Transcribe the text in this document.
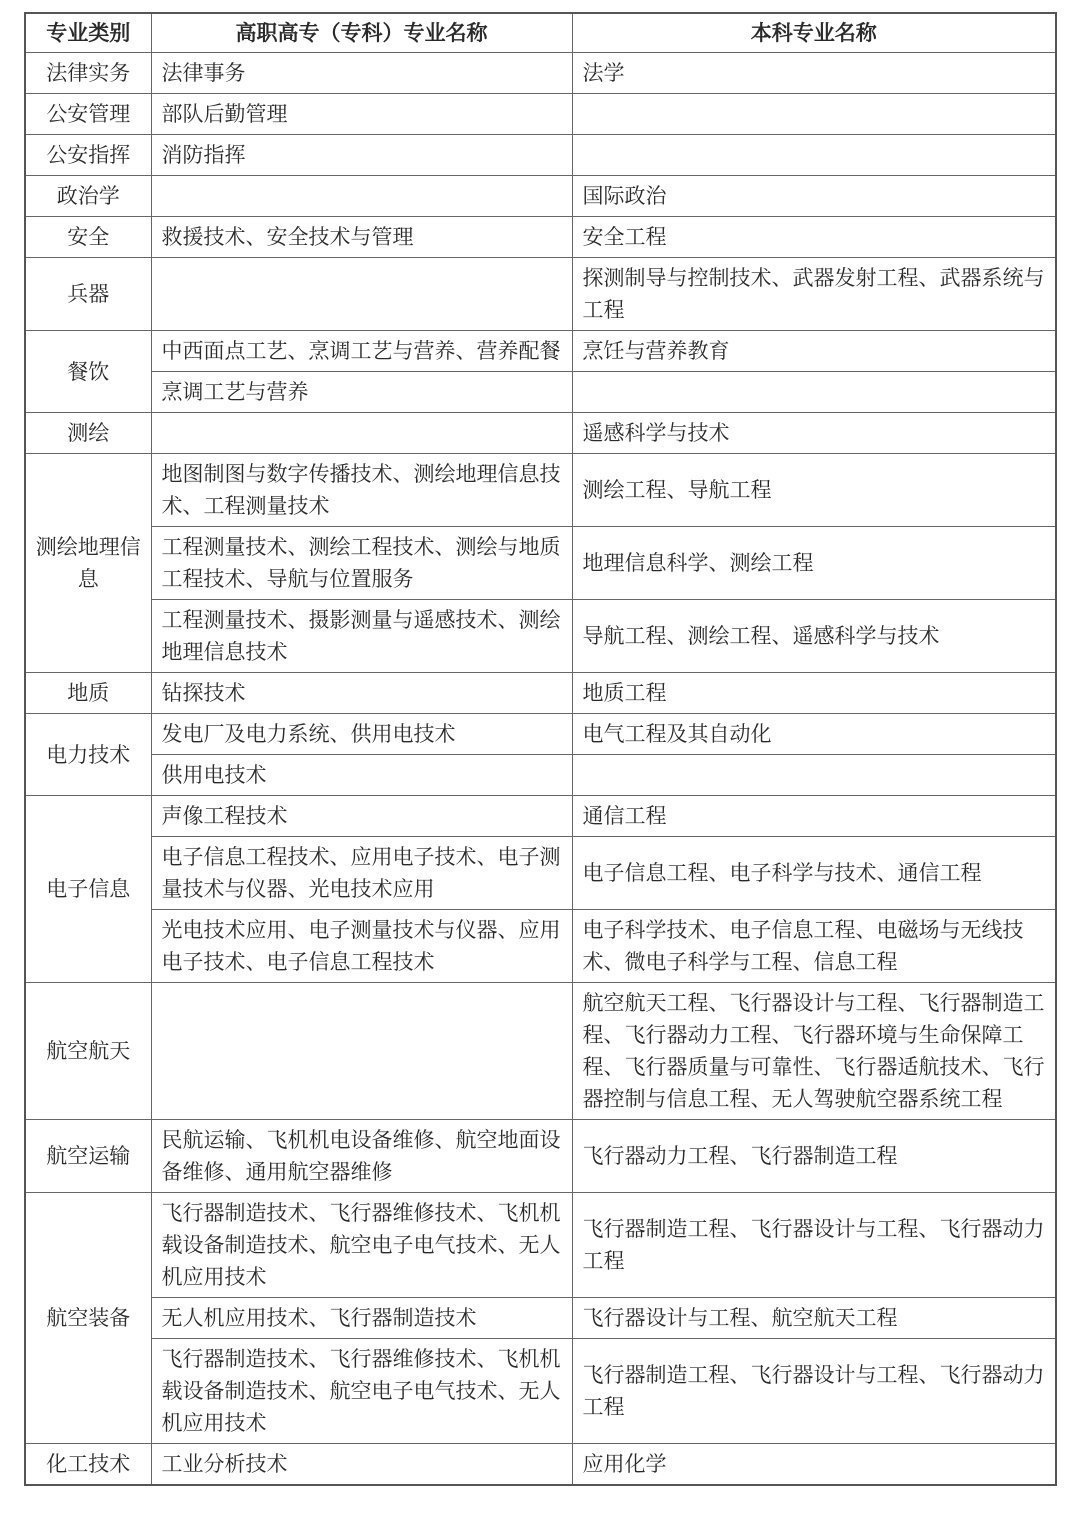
专业类别	高职高专（专科）专业名称	本科专业名称
法律实务	法律事务	法学
公安管理	部队后勤管理	
公安指挥	消防指挥	
政治学		国际政治
安全	救援技术、安全技术与管理	安全工程
兵器		探测制导与控制技术、武器发射工程、武器系统与工程
餐饮	中西面点工艺、烹调工艺与营养、营养配餐	烹饪与营养教育
	烹调工艺与营养	
测绘		遥感科学与技术
测绘地理信息	地图制图与数字传播技术、测绘地理信息技术、工程测量技术	测绘工程、导航工程
	工程测量技术、测绘工程技术、测绘与地质工程技术、导航与位置服务	地理信息科学、测绘工程
	工程测量技术、摄影测量与遥感技术、测绘地理信息技术	导航工程、测绘工程、遥感科学与技术
地质	钻探技术	地质工程
电力技术	发电厂及电力系统、供用电技术	电气工程及其自动化
	供用电技术	
电子信息	声像工程技术	通信工程
	电子信息工程技术、应用电子技术、电子测量技术与仪器、光电技术应用	电子信息工程、电子科学与技术、通信工程
	光电技术应用、电子测量技术与仪器、应用电子技术、电子信息工程技术	电子科学技术、电子信息工程、电磁场与无线技术、微电子科学与工程、信息工程
航空航天		航空航天工程、飞行器设计与工程、飞行器制造工程、飞行器动力工程、飞行器环境与生命保障工程、飞行器质量与可靠性、飞行器适航技术、飞行器控制与信息工程、无人驾驶航空器系统工程
航空运输	民航运输、飞机机电设备维修、航空地面设备维修、通用航空器维修	飞行器动力工程、飞行器制造工程
航空装备	飞行器制造技术、飞行器维修技术、飞机机载设备制造技术、航空电子电气技术、无人机应用技术	飞行器制造工程、飞行器设计与工程、飞行器动力工程
	无人机应用技术、飞行器制造技术	飞行器设计与工程、航空航天工程
	飞行器制造技术、飞行器维修技术、飞机机载设备制造技术、航空电子电气技术、无人机应用技术	飞行器制造工程、飞行器设计与工程、飞行器动力工程
化工技术	工业分析技术	应用化学
